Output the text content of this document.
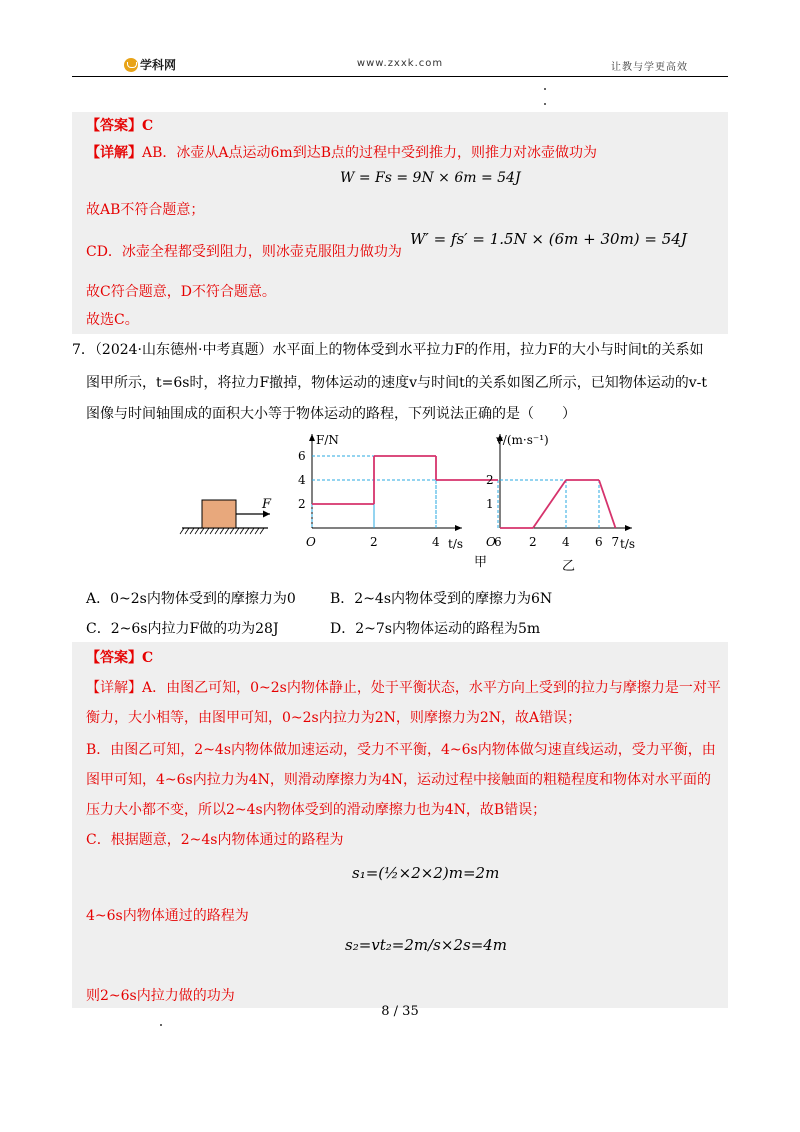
学科网	www.zxxk.com	让教与学更高效
【答案】C
【详解】AB．冰壶从A点运动6m到达B点的过程中受到推力，则推力对冰壶做功为
W = Fs = 9N × 6m = 54J
故AB不符合题意；
CD．冰壶全程都受到阻力，则冰壶克服阻力做功为
W′ = fs′ = 1.5N × (6m + 30m) = 54J
故C符合题意，D不符合题意。
故选C。
7．（2024·山东德州·中考真题）水平面上的物体受到水平拉力F的作用，拉力F的大小与时间t的关系如
图甲所示，t=6s时，将拉力F撤掉，物体运动的速度v与时间t的关系如图乙所示，已知物体运动的v-t
图像与时间轴围成的面积大小等于物体运动的路程，下列说法正确的是（　　）
F
F/N
t/s
O
甲
2	4	6
2
4
6
v/(m·s⁻¹)
t/s
O
乙
2 4 6 7
1
2
A．0~2s内物体受到的摩擦力为0 B．2~4s内物体受到的摩擦力为6N
C．2~6s内拉力F做的功为28J	D．2~7s内物体运动的路程为5m
【答案】C
【详解】A．由图乙可知，0~2s内物体静止，处于平衡状态，水平方向上受到的拉力与摩擦力是一对平
衡力，大小相等，由图甲可知，0~2s内拉力为2N，则摩擦力为2N，故A错误；
B．由图乙可知，2~4s内物体做加速运动，受力不平衡，4~6s内物体做匀速直线运动，受力平衡，由
图甲可知，4~6s内拉力为4N，则滑动摩擦力为4N，运动过程中接触面的粗糙程度和物体对水平面的
压力大小都不变，所以2~4s内物体受到的滑动摩擦力也为4N，故B错误；
C．根据题意，2~4s内物体通过的路程为
s₁=(½×2×2)m=2m
4~6s内物体通过的路程为
s₂=vt₂=2m/s×2s=4m
则2~6s内拉力做的功为
8 / 35
